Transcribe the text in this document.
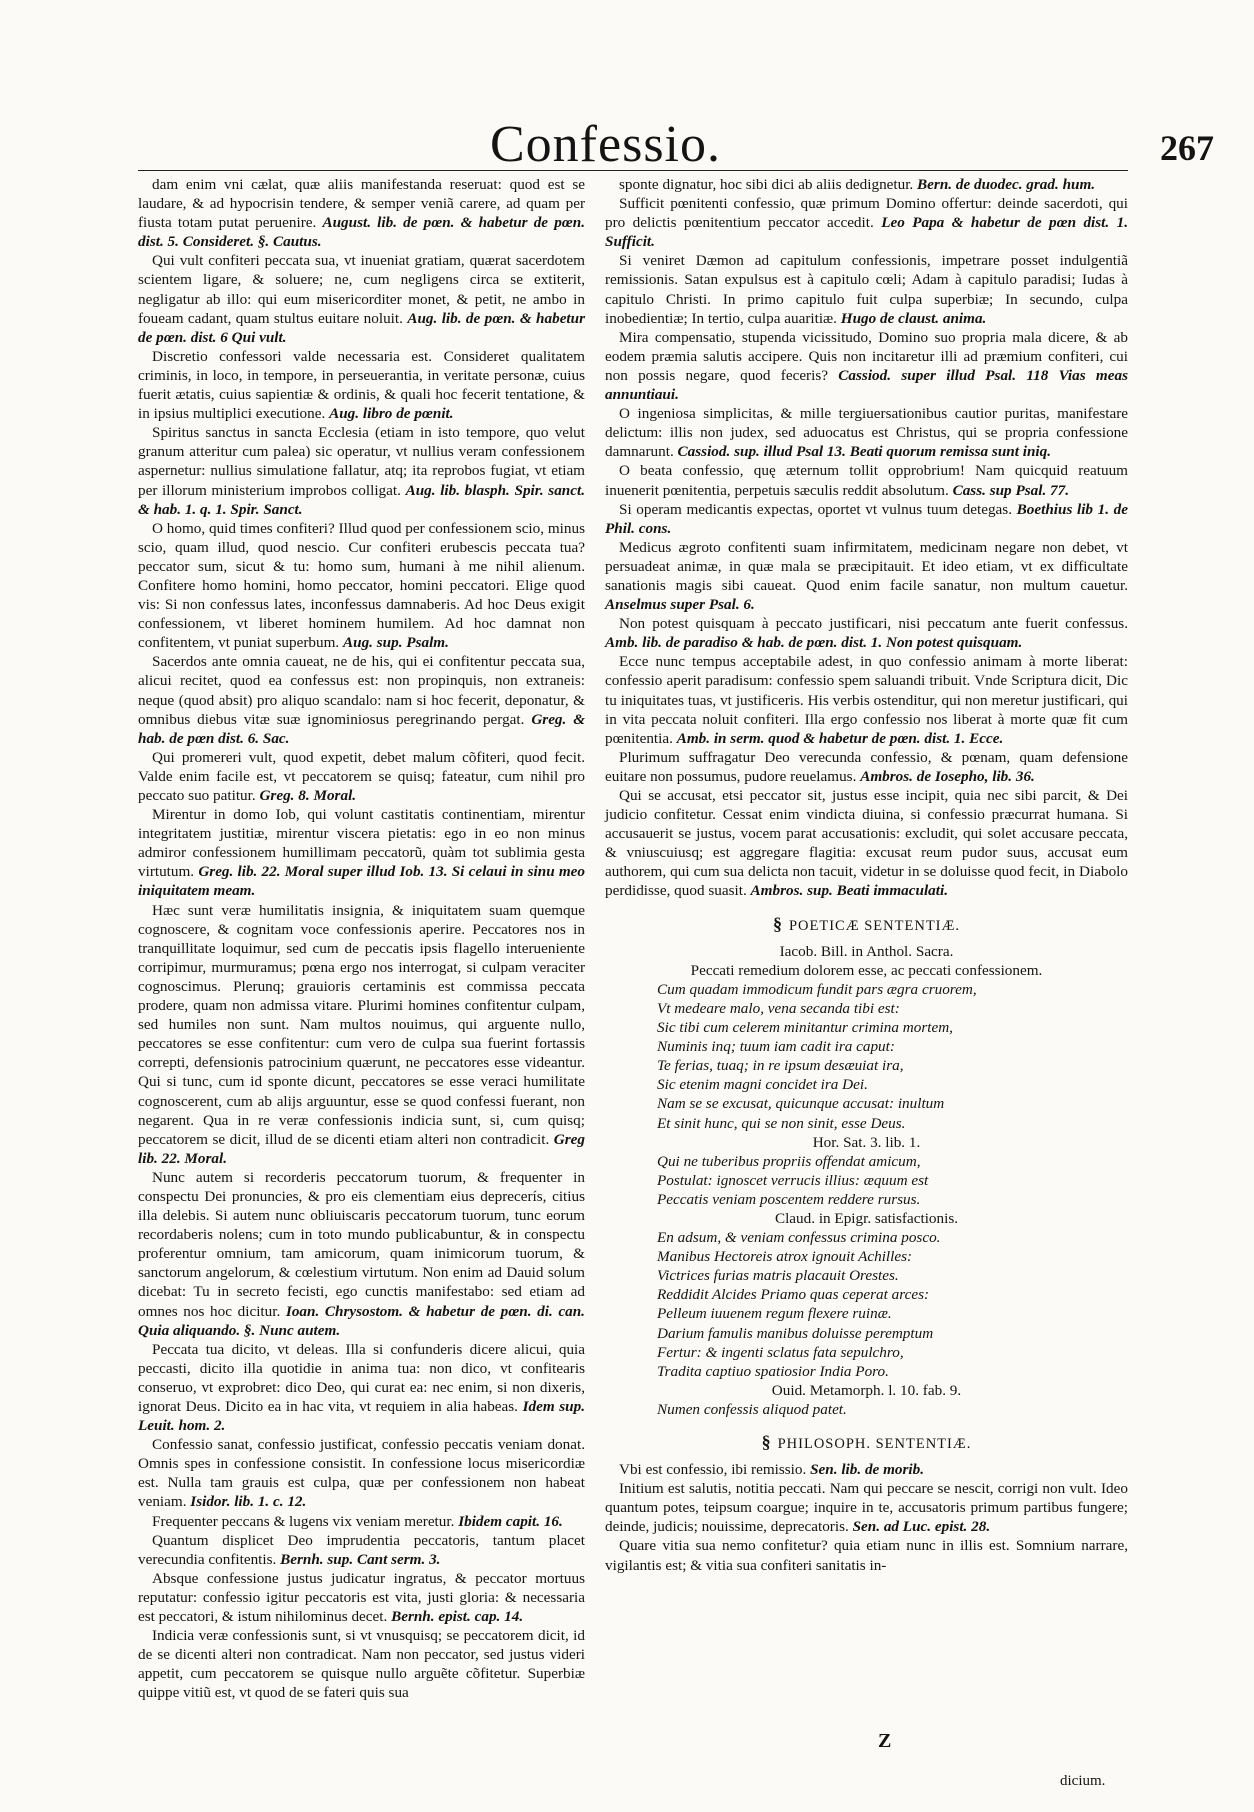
Confessio.	267

dam enim vni cælat, quæ aliis manifestanda reseruat: quod est se laudare, & ad hypocrisin tendere, & semper veniã carere, ad quam per fiusta totam putat peruenire. August. lib. de pœn. & habetur de pœn. dist. 5. Consideret. §. Cautus.

Qui vult confiteri peccata sua, vt inueniat gratiam, quærat sacerdotem scientem ligare, & soluere; ne, cum negligens circa se extiterit, negligatur ab illo: qui eum misericorditer monet, & petit, ne ambo in foueam cadant, quam stultus euitare noluit. Aug. lib. de pœn. & habetur de pœn. dist. 6 Qui vult.

Discretio confessori valde necessaria est. Consideret qualitatem criminis, in loco, in tempore, in perseuerantia, in veritate personæ, cuius fuerit ætatis, cuius sapientiæ & ordinis, & quali hoc fecerit tentatione, & in ipsius multiplici executione. Aug. libro de pœnit.

Spiritus sanctus in sancta Ecclesia (etiam in isto tempore, quo velut granum atteritur cum palea) sic operatur, vt nullius veram confessionem aspernetur: nullius simulatione fallatur, atq; ita reprobos fugiat, vt etiam per illorum ministerium improbos colligat. Aug. lib. blasph. Spir. sanct. & hab. 1. q. 1. Spir. Sanct.

O homo, quid times confiteri? Illud quod per confessionem scio, minus scio, quam illud, quod nescio. Cur confiteri erubescis peccata tua? peccator sum, sicut & tu: homo sum, humani à me nihil alienum. Confitere homo homini, homo peccator, homini peccatori. Elige quod vis: Si non confessus lates, inconfessus damnaberis. Ad hoc Deus exigit confessionem, vt liberet hominem humilem. Ad hoc damnat non confitentem, vt puniat superbum. Aug. sup. Psalm.

Sacerdos ante omnia caueat, ne de his, qui ei confitentur peccata sua, alicui recitet, quod ea confessus est: non propinquis, non extraneis: neque (quod absit) pro aliquo scandalo: nam si hoc fecerit, deponatur, & omnibus diebus vitæ suæ ignominiosus peregrinando pergat. Greg. & hab. de pœn dist. 6. Sac.

Qui promereri vult, quod expetit, debet malum cõfiteri, quod fecit. Valde enim facile est, vt peccatorem se quisq; fateatur, cum nihil pro peccato suo patitur. Greg. 8. Moral.

Mirentur in domo Iob, qui volunt castitatis continentiam, mirentur integritatem justitiæ, mirentur viscera pietatis: ego in eo non minus admiror confessionem humillimam peccatorũ, quàm tot sublimia gesta virtutum. Greg. lib. 22. Moral super illud Iob. 13. Si celaui in sinu meo iniquitatem meam.

Hæc sunt veræ humilitatis insignia, & iniquitatem suam quemque cognoscere, & cognitam voce confessionis aperire. Peccatores nos in tranquillitate loquimur, sed cum de peccatis ipsis flagello interueniente corripimur, murmuramus; pœna ergo nos interrogat, si culpam veraciter cognoscimus. Plerunq; grauioris certaminis est commissa peccata prodere, quam non admissa vitare. Plurimi homines confitentur culpam, sed humiles non sunt. Nam multos nouimus, qui arguente nullo, peccatores se esse confitentur: cum vero de culpa sua fuerint fortassis correpti, defensionis patrocinium quærunt, ne peccatores esse videantur. Qui si tunc, cum id sponte dicunt, peccatores se esse veraci humilitate cognoscerent, cum ab alijs arguuntur, esse se quod confessi fuerant, non negarent. Qua in re veræ confessionis indicia sunt, si, cum quisq; peccatorem se dicit, illud de se dicenti etiam alteri non contradicit. Greg lib. 22. Moral.

Nunc autem si recorderis peccatorum tuorum, & frequenter in conspectu Dei pronuncies, & pro eis clementiam eius deprecerís, citius illa delebis. Si autem nunc obliuiscaris peccatorum tuorum, tunc eorum recordaberis nolens; cum in toto mundo publicabuntur, & in conspectu proferentur omnium, tam amicorum, quam inimicorum tuorum, & sanctorum angelorum, & cœlestium virtutum. Non enim ad Dauid solum dicebat: Tu in secreto fecisti, ego cunctis manifestabo: sed etiam ad omnes nos hoc dicitur. Ioan. Chrysostom. & habetur de pœn. di. can. Quia aliquando. §. Nunc autem.

Peccata tua dicito, vt deleas. Illa si confunderis dicere alicui, quia peccasti, dicito illa quotidie in anima tua: non dico, vt confitearis conseruo, vt exprobret: dico Deo, qui curat ea: nec enim, si non dixeris, ignorat Deus. Dicito ea in hac vita, vt requiem in alia habeas. Idem sup. Leuit. hom. 2.

Confessio sanat, confessio justificat, confessio peccatis veniam donat. Omnis spes in confessione consistit. In confessione locus misericordiæ est. Nulla tam grauis est culpa, quæ per confessionem non habeat veniam. Isidor. lib. 1. c. 12.

Frequenter peccans & lugens vix veniam meretur. Ibidem capit. 16.

Quantum displicet Deo imprudentia peccatoris, tantum placet verecundia confitentis. Bernh. sup. Cant serm. 3.

Absque confessione justus judicatur ingratus, & peccator mortuus reputatur: confessio igitur peccatoris est vita, justi gloria: & necessaria est peccatori, & istum nihilominus decet. Bernh. epist. cap. 14.

Indicia veræ confessionis sunt, si vt vnusquisq; se peccatorem dicit, id de se dicenti alteri non contradicat. Nam non peccator, sed justus videri appetit, cum peccatorem se quisque nullo arguẽte cõfitetur. Superbiæ quippe vitiũ est, vt quod de se fateri quis sua

sponte dignatur, hoc sibi dici ab aliis dedignetur. Bern. de duodec. grad. hum.

Sufficit pœnitenti confessio, quæ primum Domino offertur: deinde sacerdoti, qui pro delictis pœnitentium peccator accedit. Leo Papa & habetur de pœn dist. 1. Sufficit.

Si veniret Dæmon ad capitulum confessionis, impetrare posset indulgentiã remissionis. Satan expulsus est à capitulo cœli; Adam à capitulo paradisi; Iudas à capitulo Christi. In primo capitulo fuit culpa superbiæ; In secundo, culpa inobedientiæ; In tertio, culpa auaritiæ. Hugo de claust. anima.

Mira compensatio, stupenda vicissitudo, Domino suo propria mala dicere, & ab eodem præmia salutis accipere. Quis non incitaretur illi ad præmium confiteri, cui non possis negare, quod feceris? Cassiod. super illud Psal. 118 Vias meas annuntiaui.

O ingeniosa simplicitas, & mille tergiuersationibus cautior puritas, manifestare delictum: illis non judex, sed aduocatus est Christus, qui se propria confessione damnarunt. Cassiod. sup. illud Psal 13. Beati quorum remissa sunt iniq.

O beata confessio, quę æternum tollit opprobrium! Nam quicquid reatuum inuenerit pœnitentia, perpetuis sæculis reddit absolutum. Cass. sup Psal. 77.

Si operam medicantis expectas, oportet vt vulnus tuum detegas. Boethius lib 1. de Phil. cons.

Medicus ægroto confitenti suam infirmitatem, medicinam negare non debet, vt persuadeat animæ, in quæ mala se præcipitauit. Et ideo etiam, vt ex difficultate sanationis magis sibi caueat. Quod enim facile sanatur, non multum cauetur. Anselmus super Psal. 6.

Non potest quisquam à peccato justificari, nisi peccatum ante fuerit confessus. Amb. lib. de paradiso & hab. de pœn. dist. 1. Non potest quisquam.

Ecce nunc tempus acceptabile adest, in quo confessio animam à morte liberat: confessio aperit paradisum: confessio spem saluandi tribuit. Vnde Scriptura dicit, Dic tu iniquitates tuas, vt justificeris. His verbis ostenditur, qui non meretur justificari, qui in vita peccata noluit confiteri. Illa ergo confessio nos liberat à morte quæ fit cum pœnitentia. Amb. in serm. quod & habetur de pœn. dist. 1. Ecce.

Plurimum suffragatur Deo verecunda confessio, & pœnam, quam defensione euitare non possumus, pudore reuelamus. Ambros. de Iosepho, lib. 36.

Qui se accusat, etsi peccator sit, justus esse incipit, quia nec sibi parcit, & Dei judicio confitetur. Cessat enim vindicta diuina, si confessio præcurrat humana. Si accusauerit se justus, vocem parat accusationis: excludit, qui solet accusare peccata, & vniuscuiusq; est aggregare flagitia: excusat reum pudor suus, accusat eum authorem, qui cum sua delicta non tacuit, videtur in se doluisse quod fecit, in Diabolo perdidisse, quod suasit. Ambros. sup. Beati immaculati.

§ POETICÆ SENTENTIÆ.

Iacob. Bill. in Anthol. Sacra.

Peccati remedium dolorem esse, ac peccati confessionem.

Cum quadam immodicum fundit pars ægra cruorem,

Vt medeare malo, vena secanda tibi est:

Sic tibi cum celerem minitantur crimina mortem,

Numinis inq; tuum iam cadit ira caput:

Te ferias, tuaq; in re ipsum desæuiat ira,

Sic etenim magni concidet ira Dei.

Nam se se excusat, quicunque accusat: inultum

Et sinit hunc, qui se non sinit, esse Deus.

Hor. Sat. 3. lib. 1.

Qui ne tuberibus propriis offendat amicum,

Postulat: ignoscet verrucis illius: æquum est

Peccatis veniam poscentem reddere rursus.

Claud. in Epigr. satisfactionis.

En adsum, & veniam confessus crimina posco.

Manibus Hectoreis atrox ignouit Achilles:

Victrices furias matris placauit Orestes.

Reddidit Alcides Priamo quas ceperat arces:

Pelleum iuuenem regum flexere ruinæ.

Darium famulis manibus doluisse peremptum

Fertur: & ingenti sclatus fata sepulchro,

Tradita captiuo spatiosior India Poro.

Ouid. Metamorph. l. 10. fab. 9.

Numen confessis aliquod patet.

§ PHILOSOPH. SENTENTIÆ.

Vbi est confessio, ibi remissio. Sen. lib. de morib.

Initium est salutis, notitia peccati. Nam qui peccare se nescit, corrigi non vult. Ideo quantum potes, teipsum coargue; inquire in te, accusatoris primum partibus fungere; deinde, judicis; nouissime, deprecatoris. Sen. ad Luc. epist. 28.

Quare vitia sua nemo confitetur? quia etiam nunc in illis est. Somnium narrare, vigilantis est; & vitia sua confiteri sanitatis in-

Z
dicium.
